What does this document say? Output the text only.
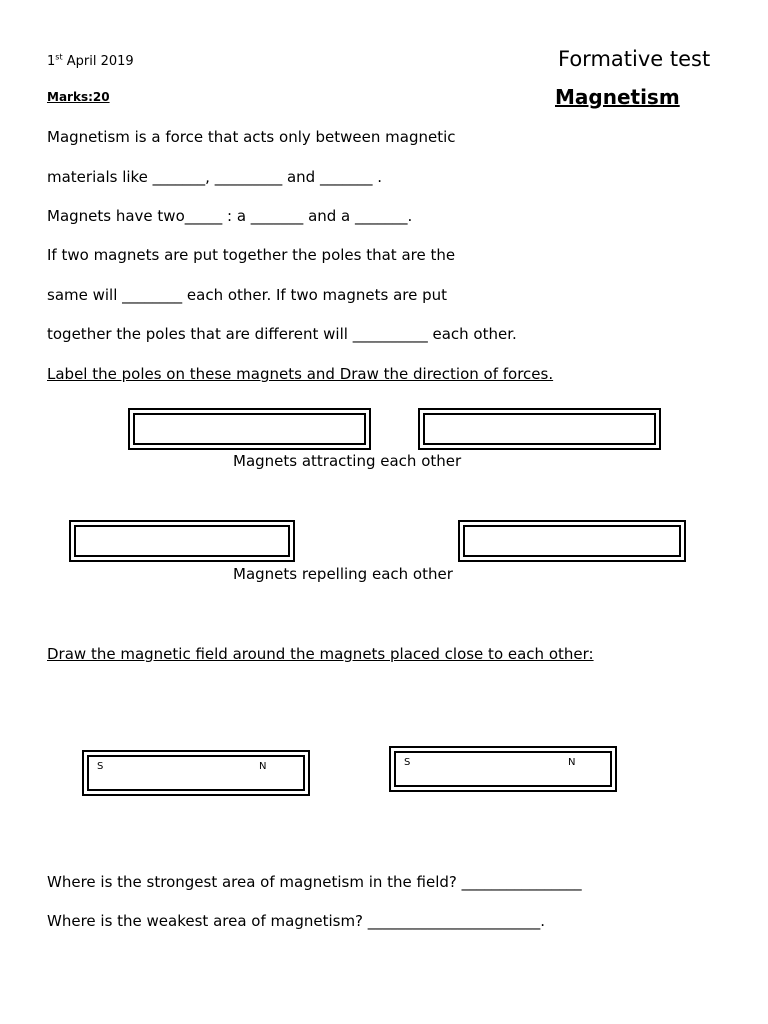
1st April 2019
Marks:20
Formative test
Magnetism
Magnetism is a force that acts only between magnetic
materials like _______, _________ and _______ .
Magnets have two_____ : a _______ and a _______.
If two magnets are put together the poles that are the
same will ________ each other. If two magnets are put
together the poles that are different will __________ each other.
Label the poles on these magnets and Draw the direction of forces.
Magnets attracting each other
Magnets repelling each other
Draw the magnetic field around the magnets placed close to each other:
S	N	S	N
Where is the strongest area of magnetism in the field? ________________
Where is the weakest area of magnetism? _______________________.
